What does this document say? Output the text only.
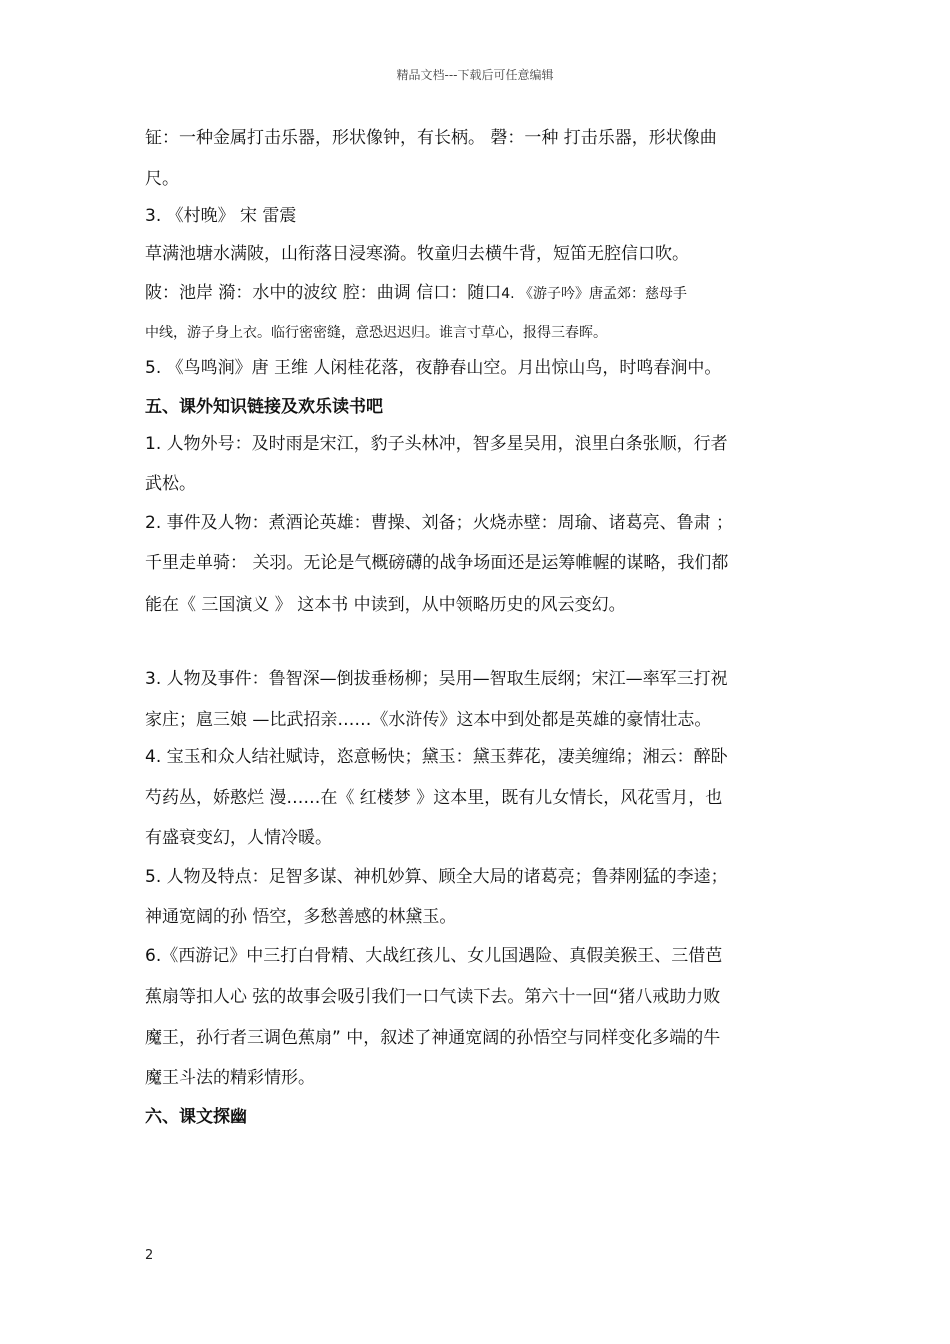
精品文档---下载后可任意编辑
钲：一种金属打击乐器，形状像钟，有长柄。 磬：一种 打击乐器，形状像曲
尺。
3. 《村晚》 宋 雷震
草满池塘水满陂，山衔落日浸寒漪。牧童归去横牛背，短笛无腔信口吹。
陂：池岸 漪：水中的波纹 腔：曲调 信口：随口4. 《游子吟》唐孟郊：慈母手
中线，游子身上衣。临行密密缝，意恐迟迟归。谁言寸草心，报得三春晖。
5. 《鸟鸣涧》唐 王维 人闲桂花落，夜静春山空。月出惊山鸟，时鸣春涧中。
五、课外知识链接及欢乐读书吧
1. 人物外号：及时雨是宋江，豹子头林冲，智多星吴用，浪里白条张顺，行者
武松。
2. 事件及人物：煮酒论英雄：曹操、刘备；火烧赤壁：周瑜、诸葛亮、鲁肃 ；
千里走单骑： 关羽。无论是气概磅礴的战争场面还是运筹帷幄的谋略，我们都
能在《 三国演义 》 这本书 中读到，从中领略历史的风云变幻。
3. 人物及事件：鲁智深—倒拔垂杨柳；吴用—智取生辰纲；宋江—率军三打祝
家庄；扈三娘 —比武招亲……《水浒传》这本中到处都是英雄的豪情壮志。
4. 宝玉和众人结社赋诗，恣意畅快；黛玉：黛玉葬花，凄美缠绵；湘云：醉卧
芍药丛，娇憨烂 漫……在《 红楼梦 》这本里，既有儿女情长，风花雪月，也
有盛衰变幻，人情冷暖。
5. 人物及特点：足智多谋、神机妙算、顾全大局的诸葛亮；鲁莽刚猛的李逵；
神通宽阔的孙 悟空，多愁善感的林黛玉。
6.《西游记》中三打白骨精、大战红孩儿、女儿国遇险、真假美猴王、三借芭
蕉扇等扣人心 弦的故事会吸引我们一口气读下去。第六十一回“猪八戒助力败
魔王，孙行者三调色蕉扇” 中，叙述了神通宽阔的孙悟空与同样变化多端的牛
魔王斗法的精彩情形。
六、课文探幽
2
